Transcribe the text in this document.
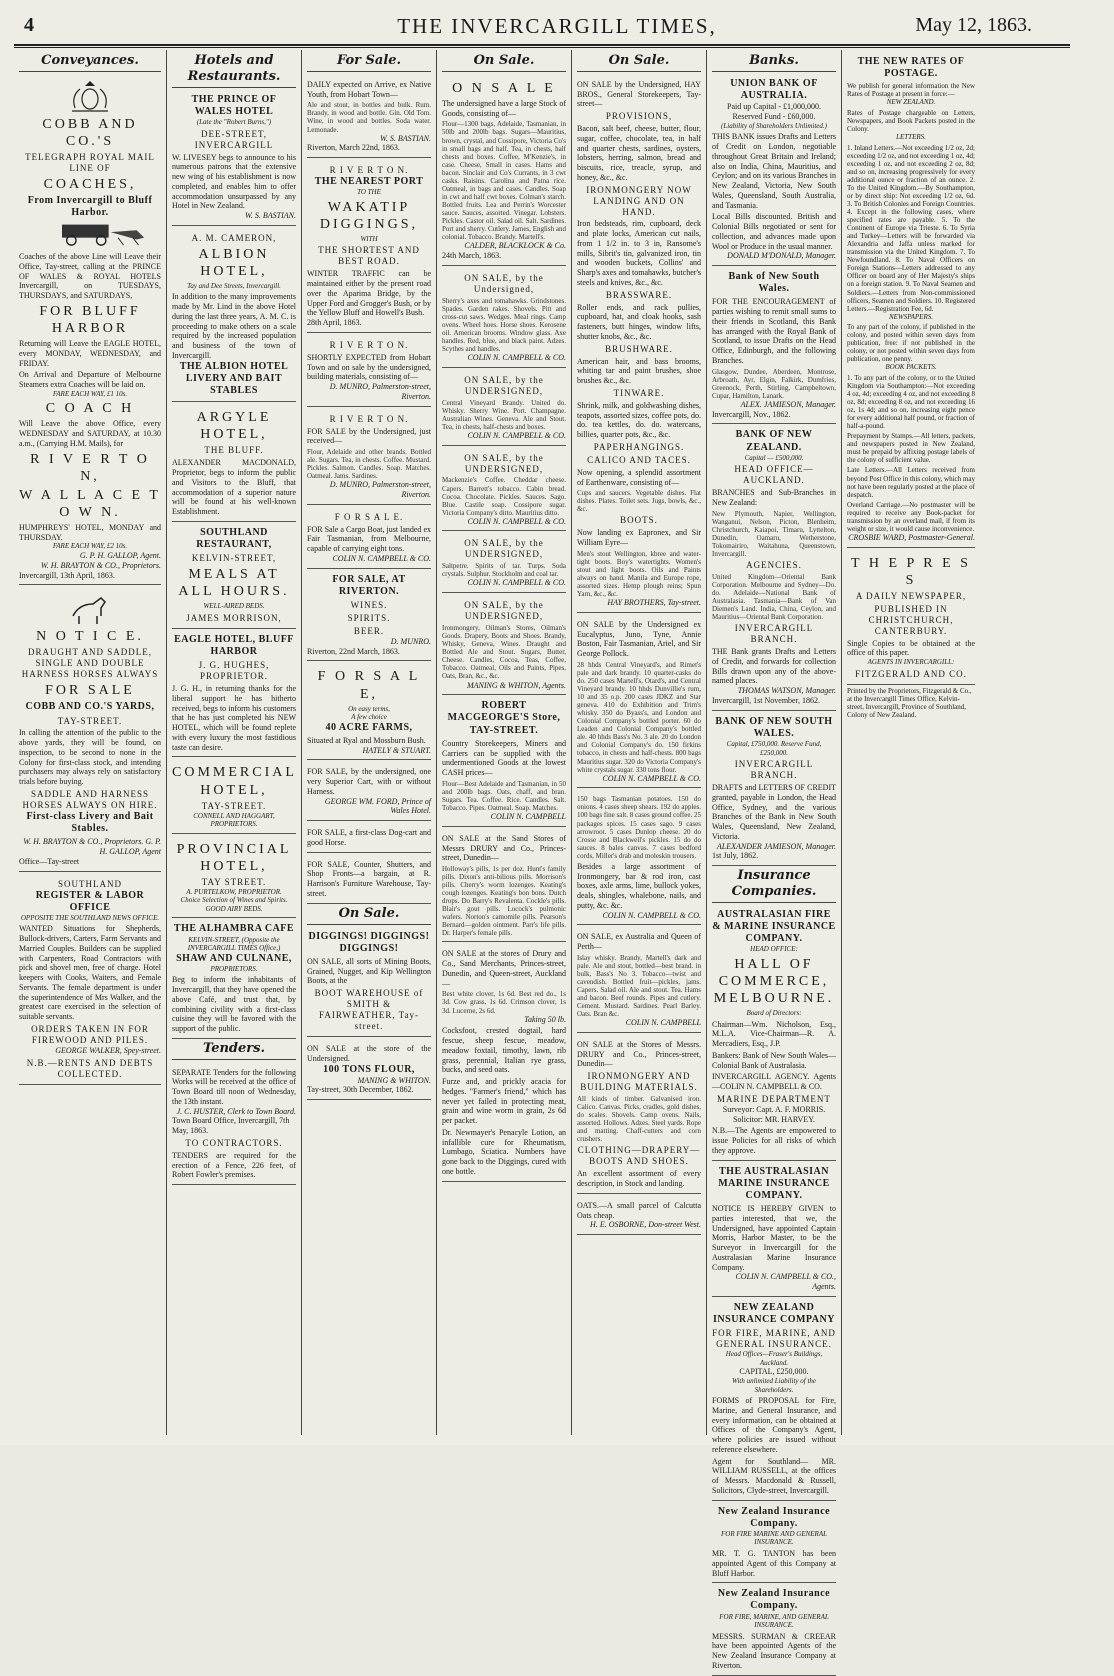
4	THE INVERCARGILL TIMES,	May 12, 1863.
Conveyances.
COBB AND CO.'S
TELEGRAPH ROYAL MAIL LINE OF
COACHES,
From Invercargill to Bluff Harbor.

Coaches of the above Line will Leave their Office, Tay-street, calling at the PRINCE OF WALES & ROYAL HOTELS Invercargill, on TUESDAYS, THURSDAYS, and SATURDAYS,

FOR BLUFF HARBOR

Returning will Leave the EAGLE HOTEL, every MONDAY, WEDNESDAY, and FRIDAY.

On Arrival and Departure of Melbourne Steamers extra Coaches will be laid on.

FARE EACH WAY, £1 10s.
C O A C H

Will Leave the above Office, every WEDNESDAY and SATURDAY, at 10.30 a.m., (Carrying H.M. Mails), for

R I V E R T O N,
W A L L A C E T O W N.

HUMPHREYS' HOTEL, MONDAY and THURSDAY.

FARE EACH WAY, £2 10s.
G. P. H. GALLOP, Agent.
W. H. BRAYTON & CO., Proprietors.
Invercargill, 13th April, 1863.
N O T I C E.
DRAUGHT AND SADDLE, SINGLE AND DOUBLE HARNESS HORSES ALWAYS
FOR SALE
COBB AND CO.'S YARDS,
TAY-STREET.

In calling the attention of the public to the above yards, they will be found, on inspection, to be second to none in the Colony for first-class stock, and intending purchasers may always rely on satisfactory trials before buying.

SADDLE AND HARNESS HORSES ALWAYS ON HIRE.
First-class Livery and Bait Stables.

W. H. BRAYTON & CO., Proprietors. G. P. H. GALLOP, Agent

Office—Tay-street
SOUTHLAND
REGISTER & LABOR OFFICE
OPPOSITE THE SOUTHLAND NEWS OFFICE.

WANTED Situations for Shepherds, Bullock-drivers, Carters, Farm Servants and Married Couples. Builders can be supplied with Carpenters, Road Contractors with pick and shovel men, free of charge. Hotel keepers with Cooks, Waiters, and Female Servants. The female department is under the superintendence of Mrs Walker, and the greatest care exercised in the selection of suitable servants.

ORDERS TAKEN IN FOR FIREWOOD AND PILES.
GEORGE WALKER, Spey-street.
N.B.—RENTS AND DEBTS COLLECTED.
Hotels and Restaurants.
THE PRINCE OF WALES HOTEL
(Late the "Robert Burns,")
DEE-STREET, INVERCARGILL

W. LIVESEY begs to announce to his numerous patrons that the extensive new wing of his establishment is now completed, and enables him to offer accommodation unsurpassed by any Hotel in New Zealand.

W. S. BASTIAN.
A. M. CAMERON,
ALBION HOTEL,
Tay and Dee Streets, Invercargill.

In addition to the many improvements made by Mr. Lind in the above Hotel during the last three years, A. M. C. is proceeding to make others on a scale required by the increased population and business of the town of Invercargill.

THE ALBION HOTEL LIVERY AND BAIT STABLES
ARGYLE HOTEL,
THE BLUFF.

ALEXANDER MACDONALD, Proprietor, begs to inform the public and Visitors to the Bluff, that accommodation of a superior nature will be found at his well-known Establishment.

SOUTHLAND RESTAURANT,
KELVIN-STREET,
MEALS AT ALL HOURS.
WELL-AIRED BEDS.
JAMES MORRISON,
EAGLE HOTEL, BLUFF HARBOR
J. G. HUGHES, PROPRIETOR.

J. G. H., in returning thanks for the liberal support he has hitherto received, begs to inform his customers that he has just completed his NEW HOTEL, which will be found replete with every luxury the most fastidious taste can desire.

COMMERCIAL HOTEL,
TAY-STREET.
CONNELL AND HAGGART, PROPRIETORS.
PROVINCIAL HOTEL,
TAY STREET.
A. PURTELKOW, PROPRIETOR.
Choice Selection of Wines and Spirits. GOOD AIRY BEDS.
THE ALHAMBRA CAFE
KELVIN-STREET, (Opposite the INVERCARGILL TIMES Office,)
SHAW AND CULNANE,
PROPRIETORS.

Beg to inform the inhabitants of Invercargill, that they have opened the above Café, and trust that, by combining civility with a first-class cuisine they will be favored with the support of the public.

Tenders.

SEPARATE Tenders for the following Works will be received at the office of Town Board till noon of Wednesday, the 13th instant.

J. C. HUSTER, Clerk to Town Board.
Town Board Office, Invercargill, 7th May, 1863.
TO CONTRACTORS.

TENDERS are required for the erection of a Fence, 226 feet, of Robert Fowler's premises.

For Sale.

DAILY expected on Arrive, ex Native Youth, from Hobart Town—

Ale and stout, in bottles and bulk. Rum. Brandy, in wood and bottle. Gin. Old Tom. Wine, in wood and bottles. Soda water. Lemonade.

W. S. BASTIAN.
Riverton, March 22nd, 1863.
R I V E R T O N.
THE NEAREST PORT
TO THE
WAKATIP DIGGINGS,
WITH
THE SHORTEST AND BEST ROAD.

WINTER TRAFFIC can be maintained either by the present road over the Aparima Bridge, by the Upper Ford and Grogger's Bush, or by the Yellow Bluff and Howell's Bush.

28th April, 1863.
R I V E R T O N.

SHORTLY EXPECTED from Hobart Town and on sale by the undersigned, building materials, consisting of—

D. MUNRO, Palmerston-street, Riverton.
R I V E R T O N.

FOR SALE by the Undersigned, just received—

Flour, Adelaide and other brands. Bottled ale. Sugars. Tea, in chests. Coffee. Mustard. Pickles. Salmon. Candles. Soap. Matches. Oatmeal. Jams. Sardines.

D. MUNRO, Palmerston-street, Riverton.
F O R S A L E.

FOR Sale a Cargo Boat, just landed ex Fair Tasmanian, from Melbourne, capable of carrying eight tons.

COLIN N. CAMPBELL & CO.
FOR SALE, AT RIVERTON.
WINES.
SPIRITS.
BEER.
D. MUNRO.
Riverton, 22nd March, 1863.
F O R S A L E,
On easy terms,
A few choice
40 ACRE FARMS,

Situated at Ryal and Mossburn Bush.

HATELY & STUART.

FOR SALE, by the undersigned, one very Superior Cart, with or without Harness.

GEORGE WM. FORD, Prince of Wales Hotel.

FOR SALE, a first-class Dog-cart and good Horse.

FOR SALE, Counter, Shutters, and Shop Fronts—a bargain, at R. Harrison's Furniture Warehouse, Tay-street.

On Sale.
DIGGINGS! DIGGINGS! DIGGINGS!

ON SALE, all sorts of Mining Boots, Grained, Nugget, and Kip Wellington Boots, at the

BOOT WAREHOUSE of SMITH & FAIRWEATHER, Tay-street.

ON SALE at the store of the Undersigned.

100 TONS FLOUR,
MANING & WHITON.
Tay-street, 30th December, 1862.
On Sale.
O N S A L E

The undersigned have a large Stock of Goods, consisting of—

Flour—1300 bags, Adelaide, Tasmanian, in 50lb and 200lb bags. Sugars—Mauritius, brown, crystal, and Cossipore, Victoria Co's in small bags and half. Tea, in chests, half chests and boxes. Coffee, M'Kenzie's, in case. Cheese, Small in cases. Hams and bacon. Sinclair and Co's Currants, in 3 cwt casks. Raisins. Carolina and Patna rice. Oatmeal, in bags and cases. Candles. Soap in cwt and half cwt boxes. Colman's starch. Bottled fruits. Lea and Perrin's Worcester sauce. Sauces, assorted. Vinegar. Lobsters. Pickles. Castor oil. Salad oil. Salt. Sardines. Port and sherry. Cutlery. James, English and colonial. Tobacco. Brandy. Martell's.

CALDER, BLACKLOCK & Co.
24th March, 1863.
ON SALE, by the Undersigned,

Sherry's axes and tomahawks. Grindstones. Spades. Garden rakes. Shovels. Pitt and cross-cut saws. Wedges. Meal rings. Camp ovens. Wheel hoes. Horse shoes. Kerosene oil. American brooms. Window glass. Axe handles. Red, blue, and black paint. Adzes. Scythes and handles.

COLIN N. CAMPBELL & CO.
ON SALE, by the UNDERSIGNED,

Central Vineyard Brandy. United do. Whisky. Sherry Wine. Port. Champagne. Australian Wines. Geneva. Ale and Stout. Tea, in chests, half-chests and boxes.

COLIN N. CAMPBELL & CO.
ON SALE, by the UNDERSIGNED,

Mackenzie's Coffee. Cheddar cheese. Capers. Barrett's tobacco. Cabin bread. Cocoa. Chocolate. Pickles. Sauces. Sago. Blue. Castile soap. Cossipore sugar. Victoria Company's ditto. Mauritius ditto.

COLIN N. CAMPBELL & CO.
ON SALE, by the UNDERSIGNED,

Saltpetre. Spirits of tar. Turps. Soda crystals. Sulphur. Stockholm and coal tar.

COLIN N. CAMPBELL & CO.
ON SALE, by the UNDERSIGNED,

Ironmongery, Oilman's Stores, Oilman's Goods. Drapery, Boots and Shoes. Brandy, Whisky, Geneva, Wines. Draught and Bottled Ale and Stout. Sugars, Butter, Cheese. Candles, Cocoa, Teas, Coffee, Tobacco. Oatmeal, Oils and Paints, Pipes, Oats, Bran, &c., &c.

MANING & WHITON, Agents.
ROBERT MACGEORGE'S Store, TAY-STREET.

Country Storekeepers, Miners and Carriers can be supplied with the undermentioned Goods at the lowest CASH prices—

Flour—Best Adelaide and Tasmanian, in 50 and 200lb bags. Oats, chaff, and bran. Sugars. Tea. Coffee. Rice. Candles. Salt. Tobacco. Pipes. Oatmeal. Soap. Matches.

COLIN N. CAMPBELL

ON SALE at the Sand Stores of Messrs DRURY and Co., Princes-street, Dunedin—

Holloway's pills, 1s per doz. Hunt's family pills. Dixon's anti-bilious pills. Morrison's pills. Cherry's worm lozenges. Keating's cough lozenges. Keating's bon bons. Dutch drops. Do Barry's Revalenta. Cockle's pills. Blair's gout pills. Locock's pulmonic wafers. Norton's camomile pills. Pearson's Bernard—golden ointment. Parr's life pills. Dr. Harper's female pills.

ON SALE at the stores of Drury and Co., Sand Merchants, Princes-street, Dunedin, and Queen-street, Auckland—

Best white clover, 1s 6d. Best red do., 1s 3d. Cow grass, 1s 6d. Crimson clover, 1s 3d. Lucerne, 2s 6d.

Taking 50 lb.

Cocksfoot, crested dogtail, hard fescue, sheep fescue, meadow, meadow foxtail, timothy, lawn, rib grass, perennial, Italian rye grass, bucks, and seed oats.

Furze and, and prickly acacia for hedges. "Farmer's friend," which has never yet failed in protecting meat, grain and wine worm in grain, 2s 6d per packet.

Dr. Newmayer's Penacyle Lotion, an infallible cure for Rheumatism, Lumbago, Sciatica. Numbers have gone back to the Diggings, cured with one bottle.

On Sale.

ON SALE by the Undersigned, HAY BROS., General Storekeepers, Tay-street—

PROVISIONS,

Bacon, salt beef, cheese, butter, flour, sugar, coffee, chocolate, tea, in half and quarter chests, sardines, oysters, lobsters, herring, salmon, bread and biscuits, rice, treacle, syrup, and honey, &c., &c.

IRONMONGERY NOW LANDING AND ON HAND.

Iron bedsteads, rim, cupboard, deck and plate locks, American cut nails, from 1 1/2 in. to 3 in, Ransome's mills, Sibrit's tin, galvanized iron, tin and wooden buckets, Collins' and Sharp's axes and tomahawks, butcher's steels and knives, &c., &c.

BRASSWARE.

Roller ends, and rack pullies, cupboard, hat, and cloak hooks, sash fasteners, butt hinges, window lifts, shutter knobs, &c., &c.

BRUSHWARE.

American hair, and bass brooms, whiting tar and paint brushes, shoe brushes &c., &c.

TINWARE.

Shrink, milk, and goldwashing dishes, teapots, assorted sizes, coffee pots, do. do. tea kettles, do. do. watercans, billies, quarter pots, &c., &c.

PAPERHANGINGS.
CALICO AND TACES.

Now opening, a splendid assortment of Earthenware, consisting of—

Cups and saucers. Vegetable dishes. Flat dishes. Plates. Toilet sets. Jugs, bowls, &c., &c.

BOOTS.

Now landing ex Eapronex, and Sir William Eyre—

Men's stout Wellington, kbree and water-tight boots. Boy's watertights. Women's stout and light boots. Oils and Paints always on hand. Manila and Europe rope, assorted sizes. Hemp plough reins; Spun Yarn, &c., &c.

HAY BROTHERS, Tay-street.

ON SALE by the Undersigned ex Eucalyptus, Juno, Tyne, Annie Boston, Fair Tasmanian, Ariel, and Sir George Pollock.

28 hhds Central Vineyard's, and Rimet's pale and dark brandy. 10 quarter-casks do do. 250 cases Martell's, Otard's, and Central Vineyard brandy. 10 hhds Dunvillie's rum, 10 and 35 o.p. 200 cases JDKZ and Star geneva. 410 do Exhibition and Trim's whisky. 350 do Byass's, and London and Colonial Company's bottled porter. 60 do Leaden and Colonial Company's bottled ale. 40 hhds Bass's No. 3 ale. 20 do London and Colonial Company's do. 150 firkins tobacco, in chests and half-chests. 800 bags Mauritius sugar. 320 do Victoria Company's white crystals sugar. 330 tons flour.

COLIN N. CAMPBELL & CO.

150 bags Tasmanian potatoes. 150 do onions. 4 cases sheep shears. 192 do apples. 100 bags fine salt. 8 cases ground coffee. 25 packages spices. 15 cases sago. 9 cases arrowroot. 5 cases Dunlop cheese. 20 do Crosse and Blackwell's pickles. 15 do do sauces. 8 bales canvas. 7 cases bedford cords, Miller's drab and moleskin trousers.

Besides a large assortment of Ironmongery, bar & rod iron, cast boxes, axle arms, lime, bullock yokes, deals, shingles, whalebone, nails, and putty, &c. &c.

COLIN N. CAMPBELL & CO.

ON SALE, ex Australia and Queen of Perth—

Islay whisky. Brandy, Martell's dark and pale. Ale and stout, bottled—best brand. in bulk, Bass's No 3. Tobacco—twist and cavendish. Bottled fruit—pickles, jams. Capers. Salad oil. Ale and stout. Tea. Hams and bacon. Beef rounds. Pipes and cutlery. Cement. Mustard. Sardines. Pearl Barley. Oats. Bran &c.

COLIN N. CAMPBELL

ON SALE at the Stores of Messrs. DRURY and Co., Princes-street, Dunedin—

IRONMONGERY AND BUILDING MATERIALS.

All kinds of timber. Galvanised iron. Calico. Canvas. Picks, cradles, gold dishes, do scales. Shovels. Camp ovens. Nails, assorted. Hollows. Adzes. Steel yards. Rope and matting. Chaff-cutters and corn crushers.

CLOTHING—DRAPERY—BOOTS AND SHOES.

An excellent assortment of every description, in Stock and landing.

OATS.—A small parcel of Calcutta Oats cheap.

H. E. OSBORNE, Don-street West.
Banks.
UNION BANK OF AUSTRALIA.
Paid up Capital - £1,000,000.
Reserved Fund - £60,000.
(Liability of Shareholders Unlimited.)

THIS BANK issues Drafts and Letters of Credit on London, negotiable throughout Great Britain and Ireland; also on India, China, Mauritius, and Ceylon; and on its various Branches in New Zealand, Victoria, New South Wales, Queensland, South Australia, and Tasmania.

Local Bills discounted. British and Colonial Bills negotiated or sent for collection, and advances made upon Wool or Produce in the usual manner.

DONALD M'DONALD, Manager.
Bank of New South Wales.

FOR THE ENCOURAGEMENT of parties wishing to remit small sums to their friends in Scotland, this Bank has arranged with the Royal Bank of Scotland, to issue Drafts on the Head Office, Edinburgh, and the following Branches.

Glasgow, Dundee, Aberdeen, Montrose, Arbroath, Ayr, Elgin, Falkirk, Dumfries, Greenock, Perth, Stirling, Campbeltown, Cupar, Hamilton, Lanark.

ALEX. JAMIESON, Manager.
Invercargill, Nov., 1862.
BANK OF NEW ZEALAND.
Capital — £500,000.
HEAD OFFICE—AUCKLAND.

BRANCHES and Sub-Branches in New Zealand:

New Plymouth, Napier, Wellington, Wanganui, Nelson, Picton, Blenheim, Christchurch, Kaiapoi, Timaru, Lyttelton, Dunedin, Oamaru, Wetherstone, Tokomairiro, Waitahuna, Queenstown, Invercargill.

AGENCIES.

United Kingdom—Oriental Bank Corporation. Melbourne and Sydney—Do. do. Adelaide—National Bank of Australasia. Tasmania—Bank of Van Diemen's Land. India, China, Ceylon, and Mauritius—Oriental Bank Corporation.

INVERCARGILL BRANCH.

THE Bank grants Drafts and Letters of Credit, and forwards for collection Bills drawn upon any of the above-named places.

THOMAS WATSON, Manager.
Invercargill, 1st November, 1862.
BANK OF NEW SOUTH WALES.
Capital, £750,000. Reserve Fund, £250,000.
INVERCARGILL BRANCH.

DRAFTS and LETTERS OF CREDIT granted, payable in London, the Head Office, Sydney, and the various Branches of the Bank in New South Wales, Queensland, New Zealand, Victoria.

ALEXANDER JAMIESON, Manager.
1st July, 1862.
Insurance Companies.
AUSTRALASIAN FIRE & MARINE INSURANCE COMPANY.
HEAD OFFICE:
HALL OF COMMERCE, MELBOURNE.
Board of Directors:

Chairman—Wm. Nicholson, Esq., M.L.A. Vice-Chairman—R. A. Mercadiers, Esq., J.P.

Bankers: Bank of New South Wales—Colonial Bank of Australasia.

INVERCARGILL AGENCY. Agents—COLIN N. CAMPBELL & CO.

MARINE DEPARTMENT
Surveyor: Capt. A. F. MORRIS.
Solicitor: MR. HARVEY.

N.B.—The Agents are empowered to issue Policies for all risks of which they approve.

THE AUSTRALASIAN MARINE INSURANCE COMPANY.

NOTICE IS HEREBY GIVEN to parties interested, that we, the Undersigned, have appointed Captain Morris, Harbor Master, to be the Surveyor in Invercargill for the Australasian Marine Insurance Company.

COLIN N. CAMPBELL & CO., Agents.
NEW ZEALAND INSURANCE COMPANY
FOR FIRE, MARINE, AND GENERAL INSURANCE.
Head Offices—Fraser's Buildings, Auckland.
CAPITAL, £250,000.
With unlimited Liability of the Shareholders.

FORMS of PROPOSAL for Fire, Marine, and General Insurance, and every information, can be obtained at Offices of the Company's Agent, where policies are issued without reference elsewhere.

Agent for Southland— MR. WILLIAM RUSSELL, at the offices of Messrs. Macdonald & Russell, Solicitors, Clyde-street, Invercargill.

New Zealand Insurance Company.
FOR FIRE MARINE AND GENERAL INSURANCE.

MR. T. G. TANTON has been appointed Agent of this Company at Bluff Harbor.

New Zealand Insurance Company.
FOR FIRE, MARINE, AND GENERAL INSURANCE.

MESSRS. SURMAN & CREEAR have been appointed Agents of the New Zealand Insurance Company at Riverton.

THE NEW RATES OF POSTAGE.

We publish for general information the New Rates of Postage at present in force:—

NEW ZEALAND.

Rates of Postage chargeable on Letters, Newspapers, and Book Packets posted in the Colony.

LETTERS.

1. Inland Letters.—Not exceeding 1/2 oz, 2d; exceeding 1/2 oz, and not exceeding 1 oz, 4d; exceeding 1 oz, and not exceeding 2 oz, 8d; and so on, increasing progressively for every additional ounce or fraction of an ounce. 2. To the United Kingdom.—By Southampton, or by direct ship: Not exceeding 1/2 oz, 6d. 3. To British Colonies and Foreign Countries. 4. Except in the following cases, where specified rates are payable. 5. To the Continent of Europe via Trieste. 6. To Syria and Turkey—Letters will be forwarded via Alexandria and Jaffa unless marked for transmission via the United Kingdom. 7. To Newfoundland. 8. To Naval Officers on Foreign Stations—Letters addressed to any Officer on board any of Her Majesty's ships on a foreign station. 9. To Naval Seamen and Soldiers.—Letters from Non-commissioned officers, Seamen and Soldiers. 10. Registered Letters.—Registration Fee, 6d.

NEWSPAPERS.

To any part of the colony, if published in the colony, and posted within seven days from publication, free: if not published in the colony, or not posted within seven days from publication, one penny.

BOOK PACKETS.

1. To any part of the colony, or to the United Kingdom via Southampton:—Not exceeding 4 oz, 4d; exceeding 4 oz, and not exceeding 8 oz, 8d; exceeding 8 oz, and not exceeding 16 oz, 1s 4d; and so on, increasing eight pence for every additional half pound, or fraction of half-a-pound.

Prepayment by Stamps.—All letters, packets, and newspapers posted in New Zealand, must be prepaid by affixing postage labels of the colony of sufficient value.

Late Letters.—All Letters received from beyond Post Office in this colony, which may not have been regularly posted at the place of despatch.

Overland Carriage.—No postmaster will be required to receive any Book-packet for transmission by an overland mail, if from its weight or size, it would cause inconvenience.

CROSBIE WARD, Postmaster-General.
T H E P R E S S
A DAILY NEWSPAPER,
PUBLISHED IN CHRISTCHURCH, CANTERBURY.

Single Copies to be obtained at the office of this paper.

AGENTS IN INVERCARGILL:
FITZGERALD AND CO.

Printed by the Proprietors, Fitzgerald & Co., at the Invercargill Times Office, Kelvin-street, Invercargill, Province of Southland, Colony of New Zealand.
